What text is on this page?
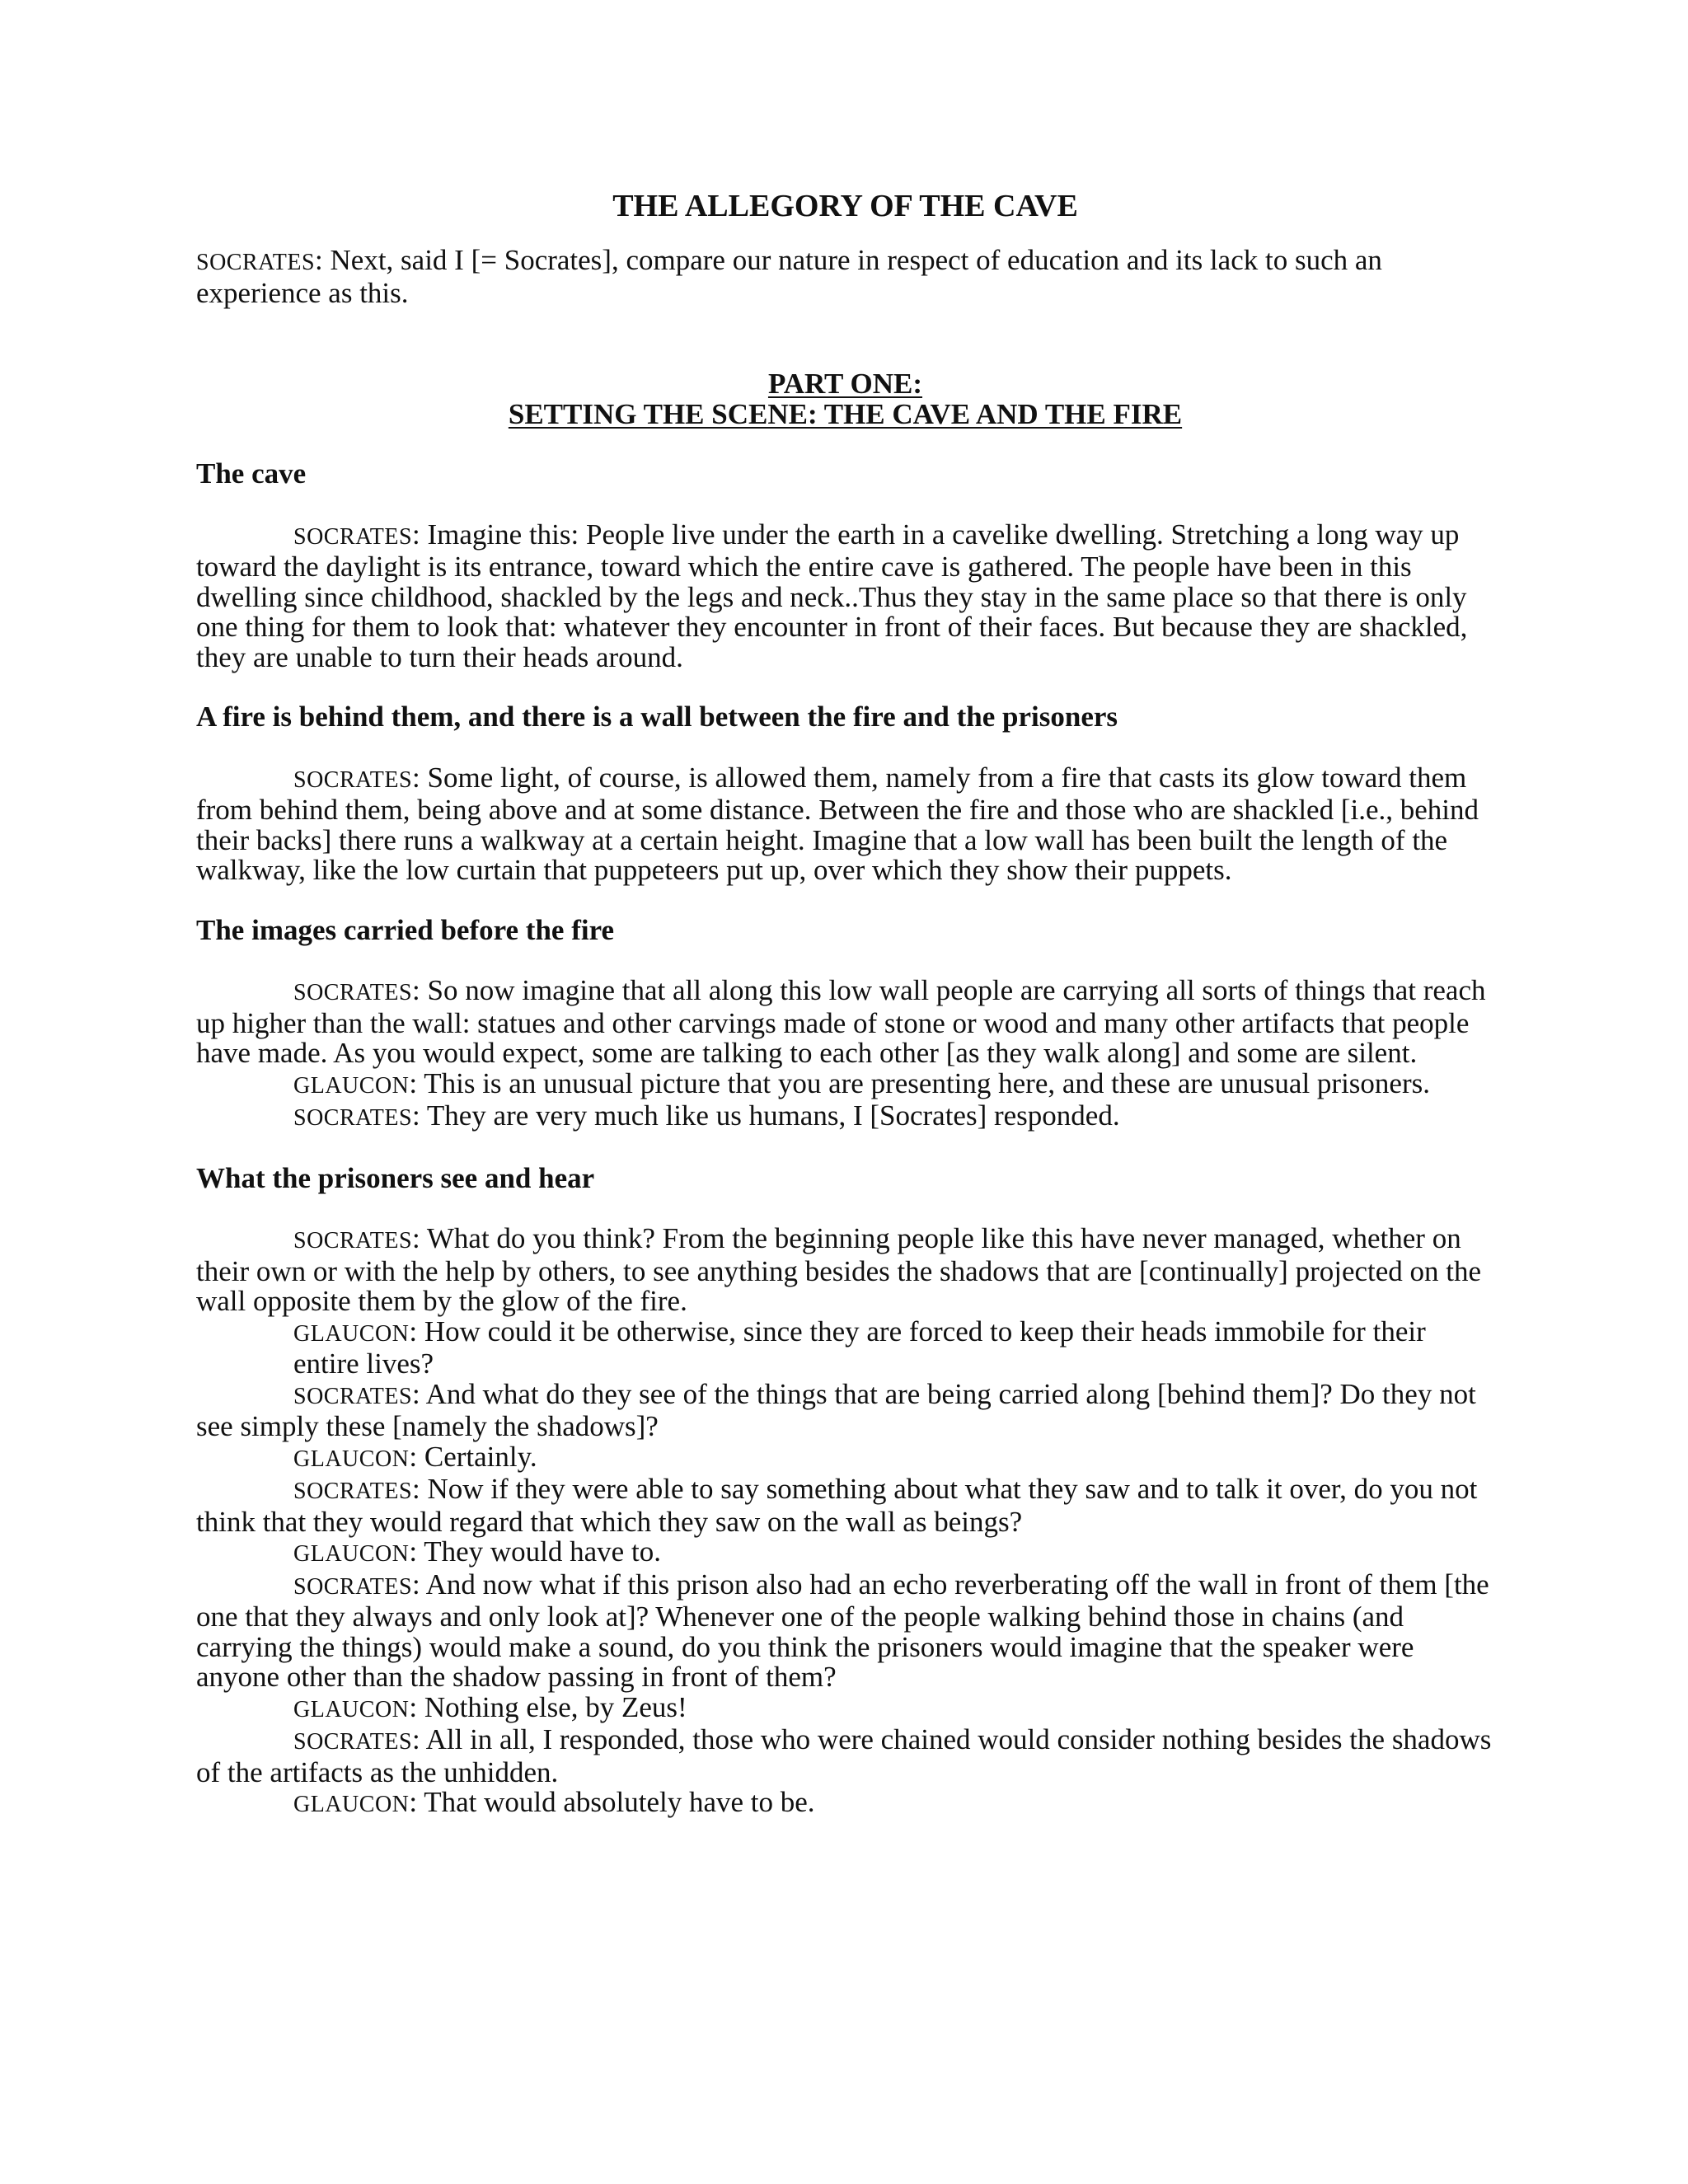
THE ALLEGORY OF THE CAVE

SOCRATES: Next, said I [= Socrates], compare our nature in respect of education and its lack to such an experience as this.

PART ONE:
SETTING THE SCENE: THE CAVE AND THE FIRE
The cave

SOCRATES: Imagine this: People live under the earth in a cavelike dwelling. Stretching a long way up toward the daylight is its entrance, toward which the entire cave is gathered. The people have been in this dwelling since childhood, shackled by the legs and neck..Thus they stay in the same place so that there is only one thing for them to look that: whatever they encounter in front of their faces. But because they are shackled, they are unable to turn their heads around.

A fire is behind them, and there is a wall between the fire and the prisoners

SOCRATES: Some light, of course, is allowed them, namely from a fire that casts its glow toward them from behind them, being above and at some distance. Between the fire and those who are shackled [i.e., behind their backs] there runs a walkway at a certain height. Imagine that a low wall has been built the length of the walkway, like the low curtain that puppeteers put up, over which they show their puppets.

The images carried before the fire

SOCRATES: So now imagine that all along this low wall people are carrying all sorts of things that reach up higher than the wall: statues and other carvings made of stone or wood and many other artifacts that people have made. As you would expect, some are talking to each other [as they walk along] and some are silent.

GLAUCON: This is an unusual picture that you are presenting here, and these are unusual prisoners.

SOCRATES: They are very much like us humans, I [Socrates] responded.

What the prisoners see and hear

SOCRATES: What do you think? From the beginning people like this have never managed, whether on their own or with the help by others, to see anything besides the shadows that are [continually] projected on the wall opposite them by the glow of the fire.

GLAUCON: How could it be otherwise, since they are forced to keep their heads immobile for their entire lives?

SOCRATES: And what do they see of the things that are being carried along [behind them]? Do they not see simply these [namely the shadows]?

GLAUCON: Certainly.

SOCRATES: Now if they were able to say something about what they saw and to talk it over, do you not think that they would regard that which they saw on the wall as beings?

GLAUCON: They would have to.

SOCRATES: And now what if this prison also had an echo reverberating off the wall in front of them [the one that they always and only look at]? Whenever one of the people walking behind those in chains (and carrying the things) would make a sound, do you think the prisoners would imagine that the speaker were anyone other than the shadow passing in front of them?

GLAUCON: Nothing else, by Zeus!

SOCRATES: All in all, I responded, those who were chained would consider nothing besides the shadows of the artifacts as the unhidden.

GLAUCON: That would absolutely have to be.
